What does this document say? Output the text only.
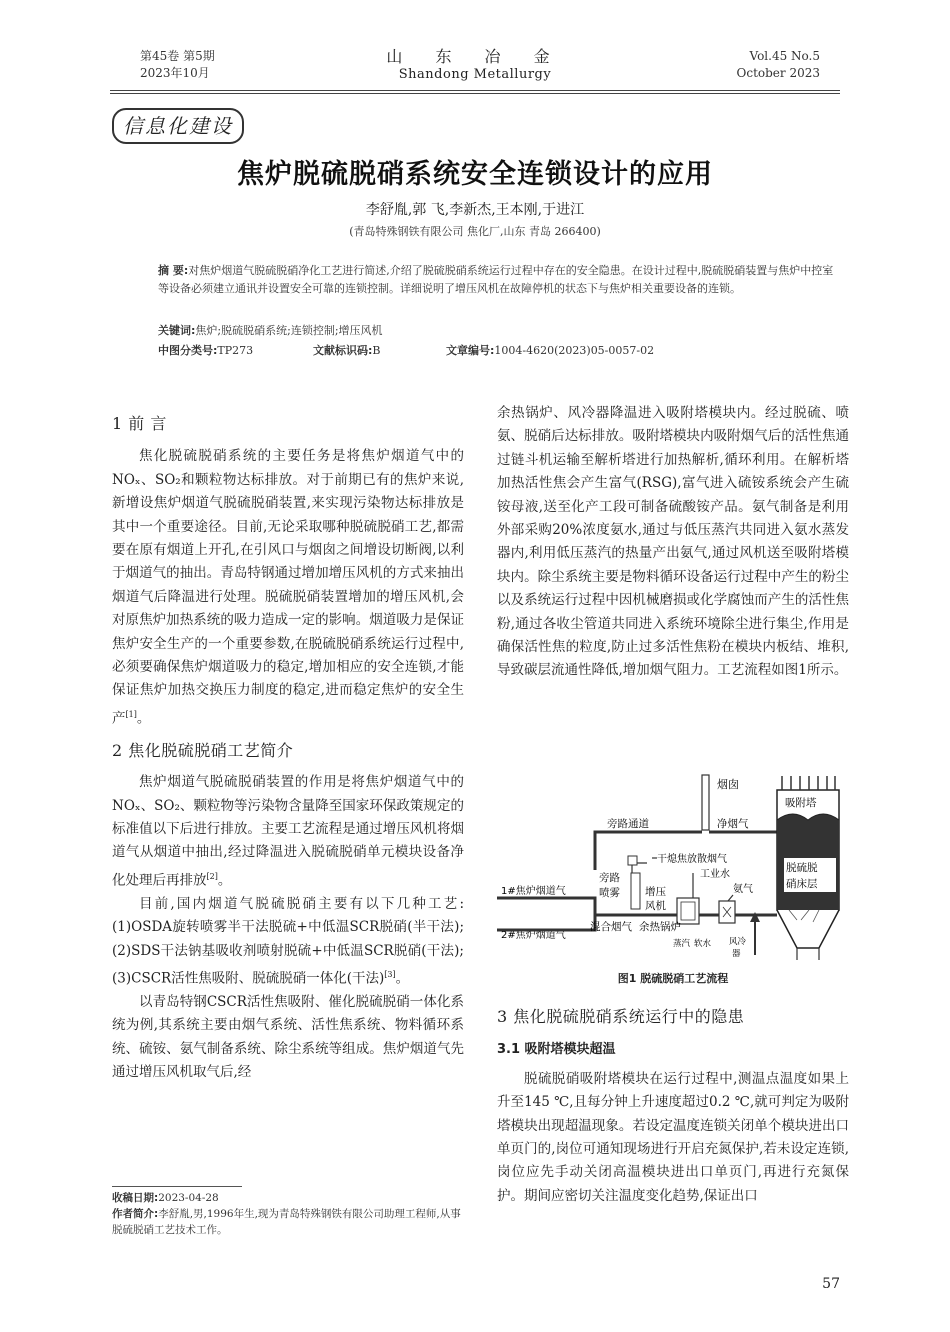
第45卷 第5期
2023年10月
山 东 冶 金
Shandong Metallurgy
Vol.45 No.5
October 2023
信息化建设
焦炉脱硫脱硝系统安全连锁设计的应用
李舒胤,郭 飞,李新杰,王本刚,于进江
(青岛特殊钢铁有限公司 焦化厂,山东 青岛 266400)
摘 要:对焦炉烟道气脱硫脱硝净化工艺进行简述,介绍了脱硫脱硝系统运行过程中存在的安全隐患。在设计过程中,脱硫脱硝装置与焦炉中控室等设备必须建立通讯并设置安全可靠的连锁控制。详细说明了增压风机在故障停机的状态下与焦炉相关重要设备的连锁。
关键词:焦炉;脱硫脱硝系统;连锁控制;增压风机
中图分类号:TP273	文献标识码:B	文章编号:1004-4620(2023)05-0057-02
1 前 言

焦化脱硫脱硝系统的主要任务是将焦炉烟道气中的NOₓ、SO₂和颗粒物达标排放。对于前期已有的焦炉来说,新增设焦炉烟道气脱硫脱硝装置,来实现污染物达标排放是其中一个重要途径。目前,无论采取哪种脱硫脱硝工艺,都需要在原有烟道上开孔,在引风口与烟囱之间增设切断阀,以利于烟道气的抽出。青岛特钢通过增加增压风机的方式来抽出烟道气后降温进行处理。脱硫脱硝装置增加的增压风机,会对原焦炉加热系统的吸力造成一定的影响。烟道吸力是保证焦炉安全生产的一个重要参数,在脱硫脱硝系统运行过程中,必须要确保焦炉烟道吸力的稳定,增加相应的安全连锁,才能保证焦炉加热交换压力制度的稳定,进而稳定焦炉的安全生产[1]。

2 焦化脱硫脱硝工艺简介

焦炉烟道气脱硫脱硝装置的作用是将焦炉烟道气中的NOₓ、SO₂、颗粒物等污染物含量降至国家环保政策规定的标准值以下后进行排放。主要工艺流程是通过增压风机将烟道气从烟道中抽出,经过降温进入脱硫脱硝单元模块设备净化处理后再排放[2]。

目前,国内烟道气脱硫脱硝主要有以下几种工艺:(1)OSDA旋转喷雾半干法脱硫+中低温SCR脱硝(半干法);(2)SDS干法钠基吸收剂喷射脱硫+中低温SCR脱硝(干法);(3)CSCR活性焦吸附、脱硫脱硝一体化(干法)[3]。

以青岛特钢CSCR活性焦吸附、催化脱硫脱硝一体化系统为例,其系统主要由烟气系统、活性焦系统、物料循环系统、硫铵、氨气制备系统、除尘系统等组成。焦炉烟道气先通过增压风机取气后,经

收稿日期:2023-04-28
作者简介:李舒胤,男,1996年生,现为青岛特殊钢铁有限公司助理工程师,从事脱硫脱硝工艺技术工作。

余热锅炉、风冷器降温进入吸附塔模块内。经过脱硫、喷氨、脱硝后达标排放。吸附塔模块内吸附烟气后的活性焦通过链斗机运输至解析塔进行加热解析,循环利用。在解析塔加热活性焦会产生富气(RSG),富气进入硫铵系统会产生硫铵母液,送至化产工段可制备硫酸铵产品。氨气制备是利用外部采购20%浓度氨水,通过与低压蒸汽共同进入氨水蒸发器内,利用低压蒸汽的热量产出氨气,通过风机送至吸附塔模块内。除尘系统主要是物料循环设备运行过程中产生的粉尘以及系统运行过程中因机械磨损或化学腐蚀而产生的活性焦粉,通过各收尘管道共同进入系统环境除尘进行集尘,作用是确保活性焦的粒度,防止过多活性焦粉在模块内板结、堆积,导致碳层流通性降低,增加烟气阻力。工艺流程如图1所示。

烟囱
旁路通道	净烟气
吸附塔
脱硫脱
硝床层
干熄焦放散烟气
工业水
氨气
旁路
喷雾 增压
风机
1#焦炉烟道气
2#焦炉烟道气
混合烟气 余热锅炉
蒸汽 软水 风冷
器
图1 脱硫脱硝工艺流程
3 焦化脱硫脱硝系统运行中的隐患
3.1 吸附塔模块超温

脱硫脱硝吸附塔模块在运行过程中,测温点温度如果上升至145 ℃,且每分钟上升速度超过0.2 ℃,就可判定为吸附塔模块出现超温现象。若设定温度连锁关闭单个模块进出口单页门的,岗位可通知现场进行开启充氮保护,若未设定连锁,岗位应先手动关闭高温模块进出口单页门,再进行充氮保护。期间应密切关注温度变化趋势,保证出口

57
